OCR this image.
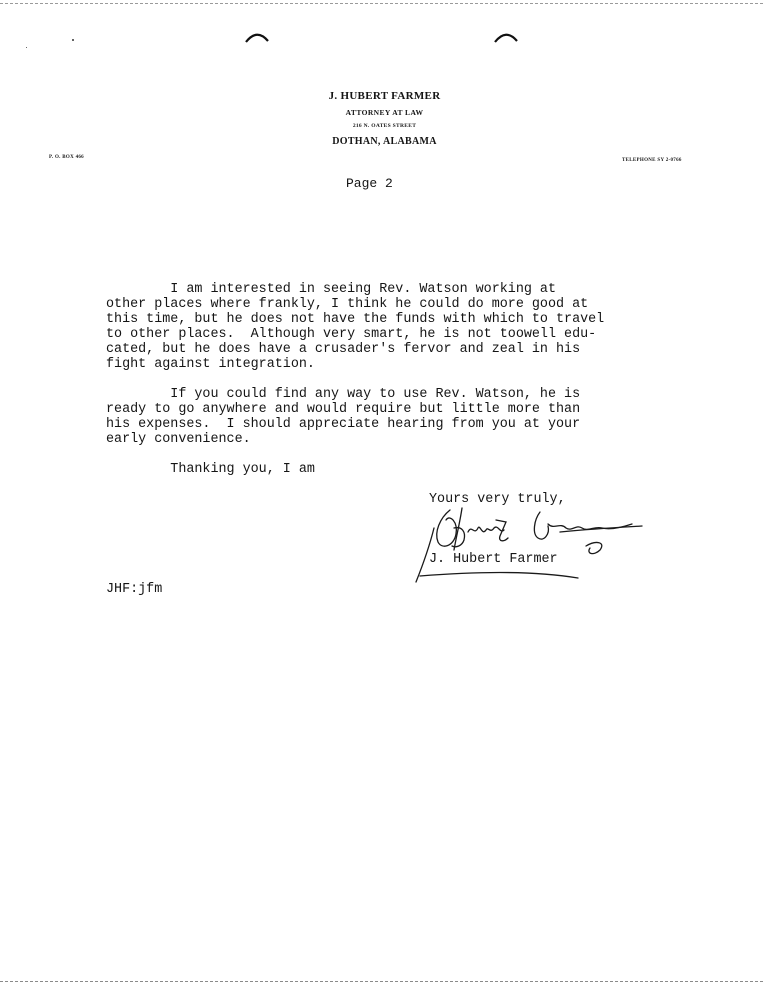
J. HUBERT FARMER
ATTORNEY AT LAW
216 N. OATES STREET
DOTHAN, ALABAMA
P. O. BOX 466
TELEPHONE SY 2-0766
Page 2
I am interested in seeing Rev. Watson working at
other places where frankly, I think he could do more good at
this time, but he does not have the funds with which to travel
to other places.  Although very smart, he is not toowell edu-
cated, but he does have a crusader's fervor and zeal in his
fight against integration.
If you could find any way to use Rev. Watson, he is
ready to go anywhere and would require but little more than
his expenses.  I should appreciate hearing from you at your
early convenience.
Thanking you, I am
Yours very truly,
J. Hubert Farmer
JHF:jfm
